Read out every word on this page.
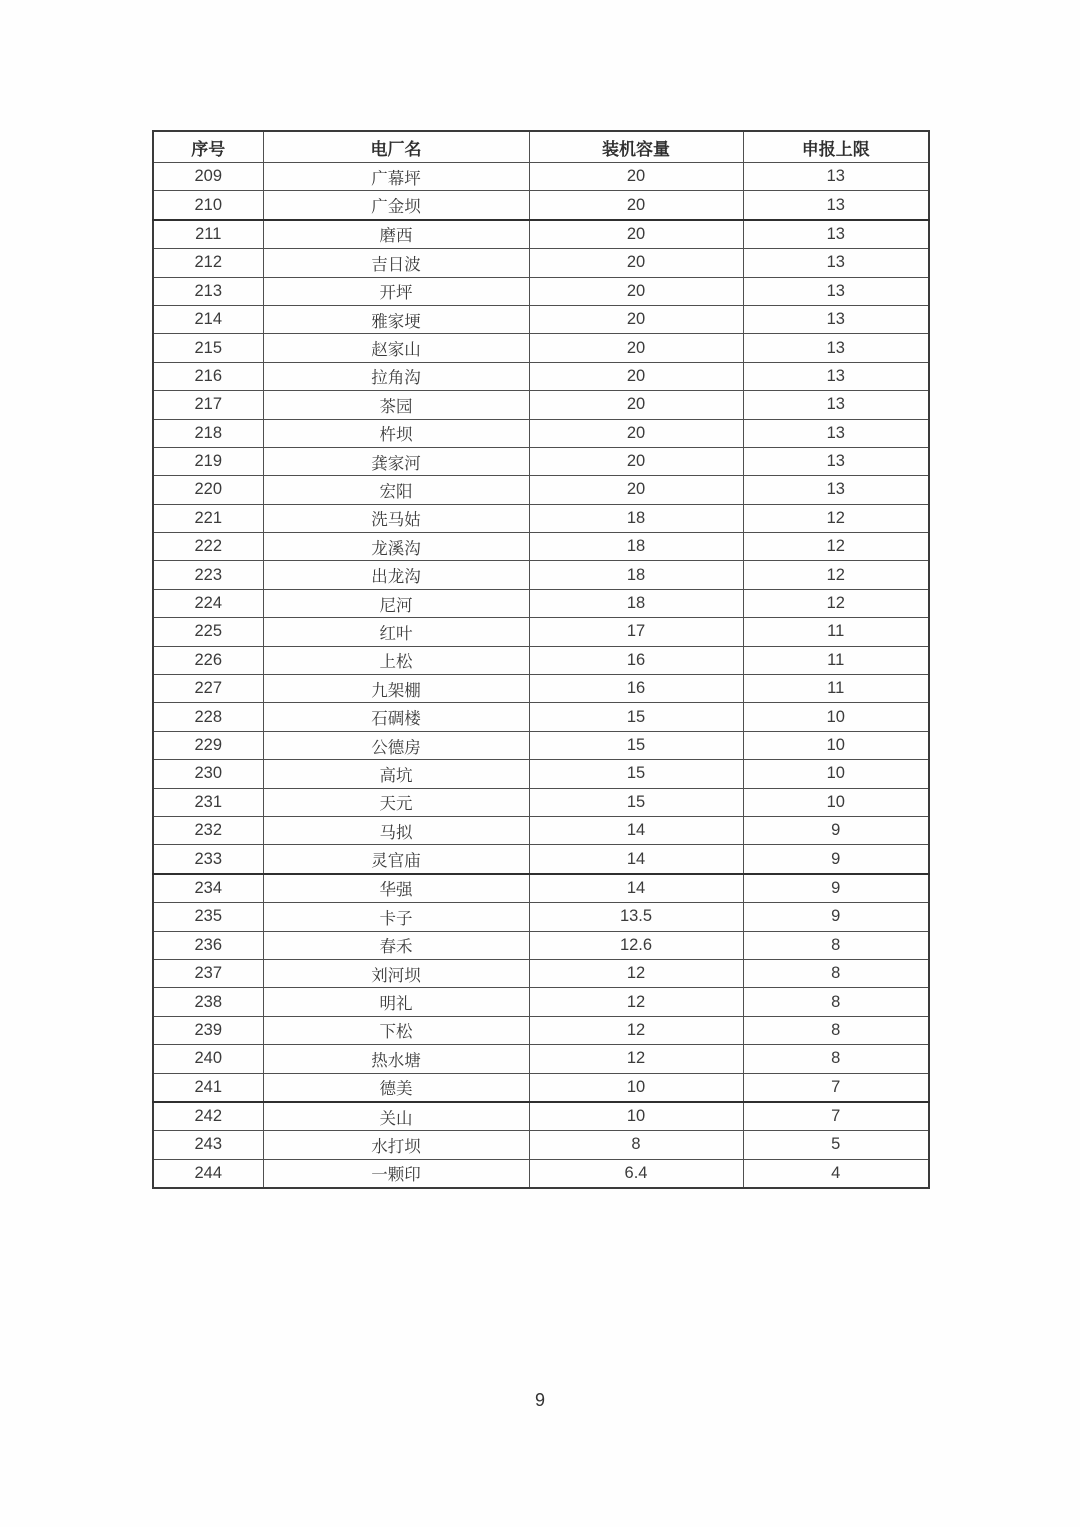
序号	电厂名	装机容量	申报上限
209	广幕坪	20	13
210	广金坝	20	13
211	磨西	20	13
212	吉日波	20	13
213	开坪	20	13
214	雅家埂	20	13
215	赵家山	20	13
216	拉角沟	20	13
217	茶园	20	13
218	杵坝	20	13
219	龚家河	20	13
220	宏阳	20	13
221	洗马姑	18	12
222	龙溪沟	18	12
223	出龙沟	18	12
224	尼河	18	12
225	红叶	17	11
226	上松	16	11
227	九架棚	16	11
228	石碉楼	15	10
229	公德房	15	10
230	高坑	15	10
231	天元	15	10
232	马拟	14	9
233	灵官庙	14	9
234	华强	14	9
235	卡子	13.5	9
236	春禾	12.6	8
237	刘河坝	12	8
238	明礼	12	8
239	下松	12	8
240	热水塘	12	8
241	德美	10	7
242	关山	10	7
243	水打坝	8	5
244	一颗印	6.4	4
9
